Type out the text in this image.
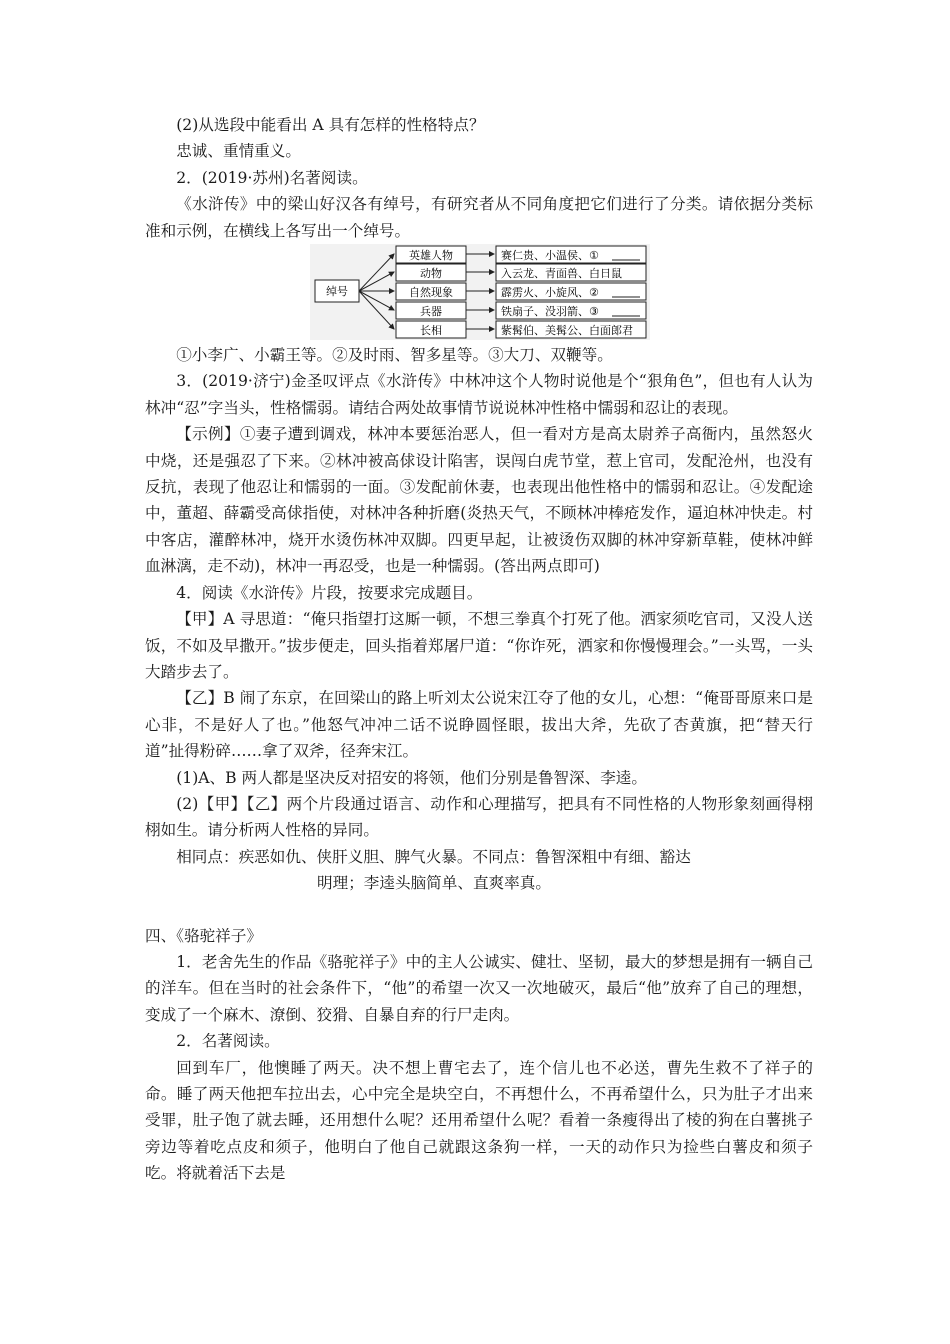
(2)从选段中能看出 A 具有怎样的性格特点？

忠诚、重情重义。

2．(2019·苏州)名著阅读。

《水浒传》中的梁山好汉各有绰号，有研究者从不同角度把它们进行了分类。请依据分类标准和示例，在横线上各写出一个绰号。

绰号
英雄人物
动物
自然现象
兵器
长相
赛仁贵、小温侯、①
入云龙、青面兽、白日鼠
霹雳火、小旋风、②
铁扇子、没羽箭、③
紫髯伯、美髯公、白面郎君

①小李广、小霸王等。②及时雨、智多星等。③大刀、双鞭等。

3．(2019·济宁)金圣叹评点《水浒传》中林冲这个人物时说他是个“狠角色”，但也有人认为林冲“忍”字当头，性格懦弱。请结合两处故事情节说说林冲性格中懦弱和忍让的表现。

【示例】①妻子遭到调戏，林冲本要惩治恶人，但一看对方是高太尉养子高衙内，虽然怒火中烧，还是强忍了下来。②林冲被高俅设计陷害，误闯白虎节堂，惹上官司，发配沧州，也没有反抗，表现了他忍让和懦弱的一面。③发配前休妻，也表现出他性格中的懦弱和忍让。④发配途中，董超、薛霸受高俅指使，对林冲各种折磨(炎热天气，不顾林冲棒疮发作，逼迫林冲快走。村中客店，灌醉林冲，烧开水烫伤林冲双脚。四更早起，让被烫伤双脚的林冲穿新草鞋，使林冲鲜血淋漓，走不动)，林冲一再忍受，也是一种懦弱。(答出两点即可)

4．阅读《水浒传》片段，按要求完成题目。

【甲】A 寻思道：“俺只指望打这厮一顿，不想三拳真个打死了他。洒家须吃官司，又没人送饭，不如及早撒开。”拔步便走，回头指着郑屠尸道：“你诈死，洒家和你慢慢理会。”一头骂，一头大踏步去了。

【乙】B 闹了东京，在回梁山的路上听刘太公说宋江夺了他的女儿，心想：“俺哥哥原来口是心非，不是好人了也。”他怒气冲冲二话不说睁圆怪眼，拔出大斧，先砍了杏黄旗，把“替天行道”扯得粉碎……拿了双斧，径奔宋江。

(1)A、B 两人都是坚决反对招安的将领，他们分别是鲁智深、李逵。

(2)【甲】【乙】两个片段通过语言、动作和心理描写，把具有不同性格的人物形象刻画得栩栩如生。请分析两人性格的异同。

相同点：疾恶如仇、侠肝义胆、脾气火暴。不同点：鲁智深粗中有细、豁达

明理；李逵头脑简单、直爽率真。

四、《骆驼祥子》

1．老舍先生的作品《骆驼祥子》中的主人公诚实、健壮、坚韧，最大的梦想是拥有一辆自己的洋车。但在当时的社会条件下，“他”的希望一次又一次地破灭，最后“他”放弃了自己的理想，变成了一个麻木、潦倒、狡猾、自暴自弃的行尸走肉。

2．名著阅读。

回到车厂，他懊睡了两天。决不想上曹宅去了，连个信儿也不必送，曹先生救不了祥子的命。睡了两天他把车拉出去，心中完全是块空白，不再想什么，不再希望什么，只为肚子才出来受罪，肚子饱了就去睡，还用想什么呢？还用希望什么呢？看着一条瘦得出了棱的狗在白薯挑子旁边等着吃点皮和须子，他明白了他自己就跟这条狗一样，一天的动作只为捡些白薯皮和须子吃。将就着活下去是
